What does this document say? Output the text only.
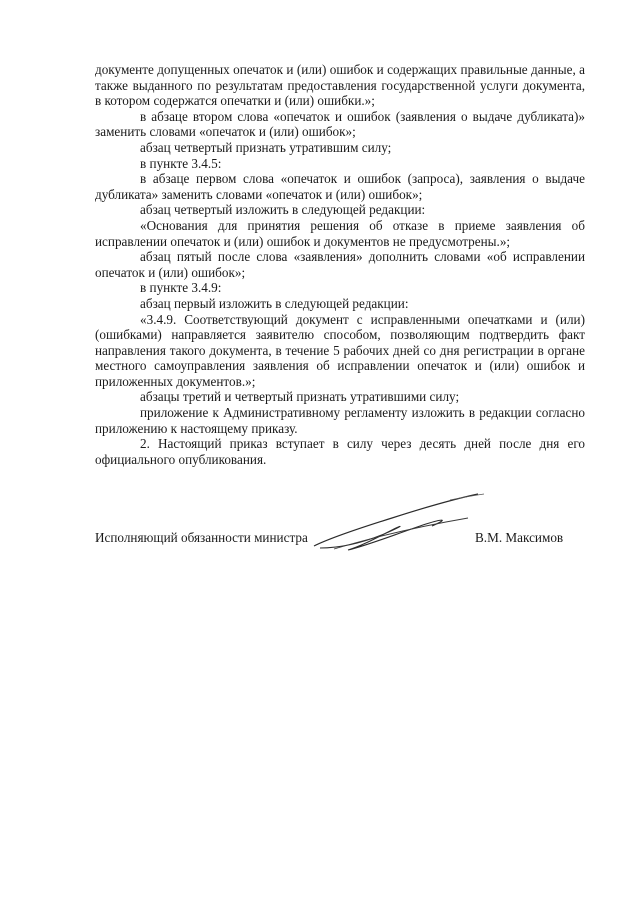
документе допущенных опечаток и (или) ошибок и содержащих правильные данные, а также выданного по результатам предоставления государственной услуги документа, в котором содержатся опечатки и (или) ошибки.»;

в абзаце втором слова «опечаток и ошибок (заявления о выдаче дубликата)» заменить словами «опечаток и (или) ошибок»;

абзац четвертый признать утратившим силу;

в пункте 3.4.5:

в абзаце первом слова «опечаток и ошибок (запроса), заявления о выдаче дубликата» заменить словами «опечаток и (или) ошибок»;

абзац четвертый изложить в следующей редакции:

«Основания для принятия решения об отказе в приеме заявления об исправлении опечаток и (или) ошибок и документов не предусмотрены.»;

абзац пятый после слова «заявления» дополнить словами «об исправлении опечаток и (или) ошибок»;

в пункте 3.4.9:

абзац первый изложить в следующей редакции:

«3.4.9. Соответствующий документ с исправленными опечатками и (или) (ошибками) направляется заявителю способом, позволяющим подтвердить факт направления такого документа, в течение 5 рабочих дней со дня регистрации в органе местного самоуправления заявления об исправлении опечаток и (или) ошибок и приложенных документов.»;

абзацы третий и четвертый признать утратившими силу;

приложение к Административному регламенту изложить в редакции согласно приложению к настоящему приказу.

2. Настоящий приказ вступает в силу через десять дней после дня его официального опубликования.

Исполняющий обязанности министра	В.М. Максимов
